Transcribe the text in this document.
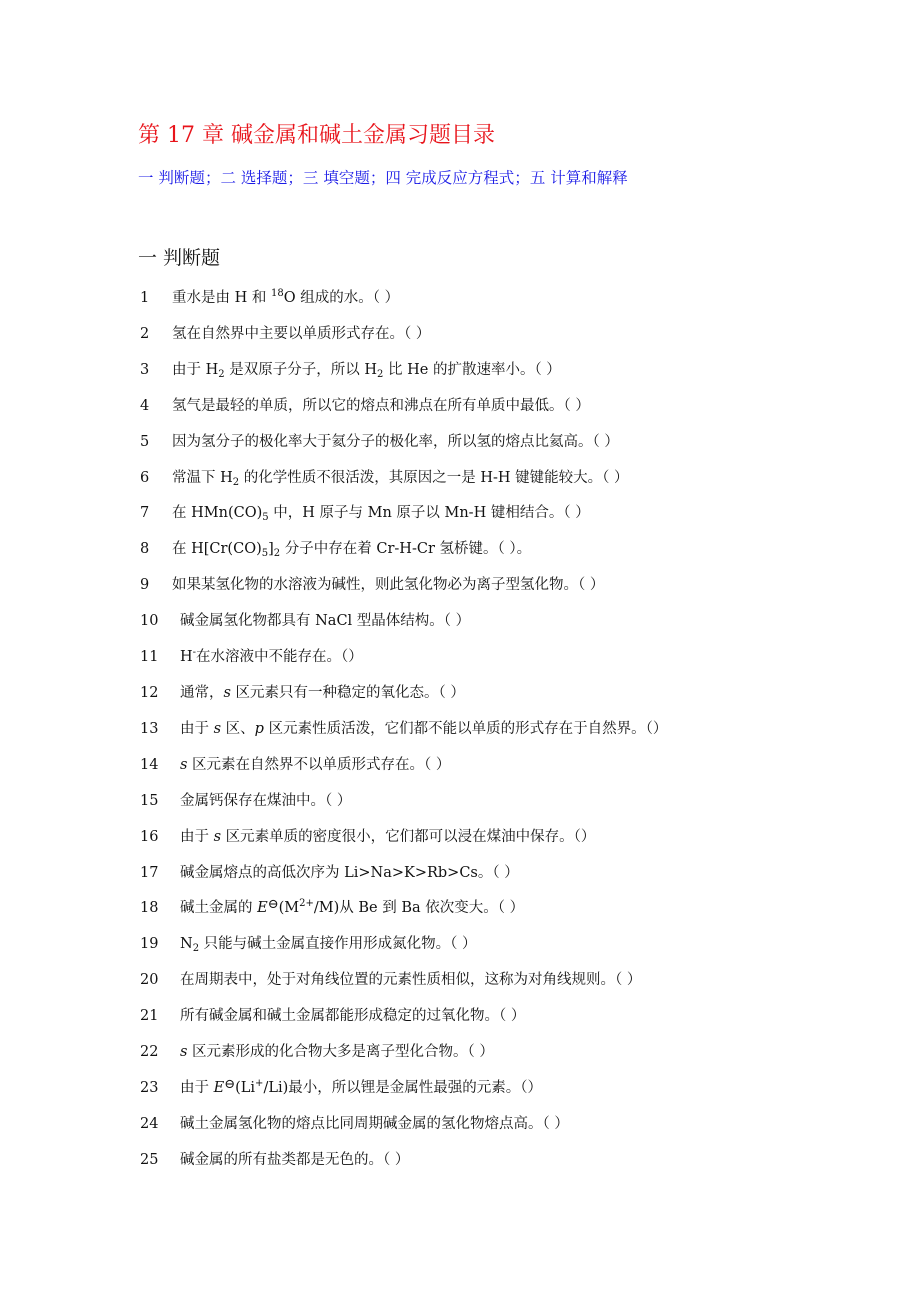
第 17 章 碱金属和碱土金属习题目录
一 判断题；二 选择题；三 填空题；四 完成反应方程式；五 计算和解释
一 判断题
1	重水是由 H 和 $^{18}$O 组成的水。（ ）
2	氢在自然界中主要以单质形式存在。（ ）
3	由于 $H_2$ 是双原子分子，所以 $H_2$ 比 He 的扩散速率小。（ ）
4	氢气是最轻的单质，所以它的熔点和沸点在所有单质中最低。（ ）
5	因为氢分子的极化率大于氦分子的极化率，所以氢的熔点比氦高。（ ）
6	常温下 $H_2$ 的化学性质不很活泼，其原因之一是 H-H 键键能较大。（ ）
7	在 $HMn(CO)_5$ 中，H 原子与 Mn 原子以 Mn-H 键相结合。（ ）
8	在 $H[Cr(CO)_5]_2$ 分子中存在着 Cr-H-Cr 氢桥键。（ ）。
9	如果某氢化物的水溶液为碱性，则此氢化物必为离子型氢化物。（ ）
10	碱金属氢化物都具有 NaCl 型晶体结构。（ ）
11	H-在水溶液中不能存在。（）
12	通常，s 区元素只有一种稳定的氧化态。（ ）
13	由于 s 区、p 区元素性质活泼，它们都不能以单质的形式存在于自然界。（）
14	s 区元素在自然界不以单质形式存在。（ ）
15	金属钙保存在煤油中。（ ）
16	由于 s 区元素单质的密度很小，它们都可以浸在煤油中保存。（）
17	碱金属熔点的高低次序为 Li>Na>K>Rb>Cs。（ ）
18	碱土金属的 $E⊖(M^{2+}/M)$从 Be 到 Ba 依次变大。（ ）
19	$N_2$ 只能与碱土金属直接作用形成氮化物。（ ）
20	在周期表中，处于对角线位置的元素性质相似，这称为对角线规则。（ ）
21	所有碱金属和碱土金属都能形成稳定的过氧化物。（ ）
22	s 区元素形成的化合物大多是离子型化合物。（ ）
23	由于 E⊖(Li+/Li)最小，所以锂是金属性最强的元素。（）
24	碱土金属氢化物的熔点比同周期碱金属的氢化物熔点高。（ ）
25	碱金属的所有盐类都是无色的。（ ）
